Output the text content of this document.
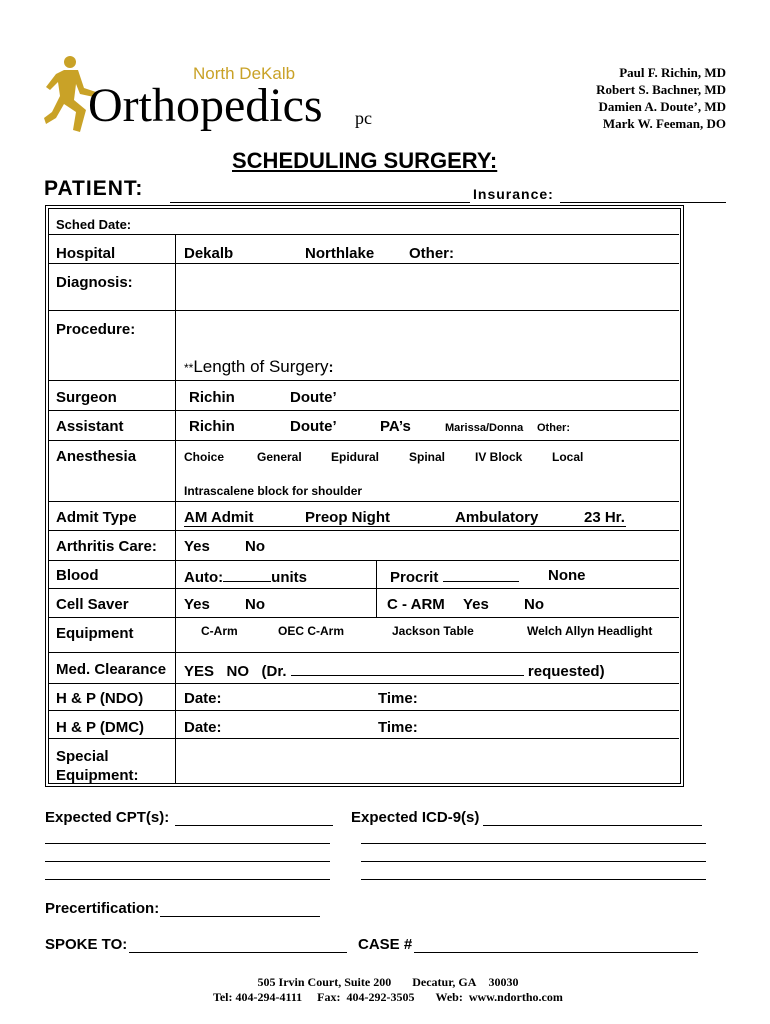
North DeKalb
Orthopedics pc
Paul F. Richin, MD
Robert S. Bachner, MD
Damien A. Doute’, MD
Mark W. Feeman, DO
SCHEDULING SURGERY:
PATIENT:	Insurance:
Sched Date:
Hospital	Dekalb	Northlake Other:
Diagnosis:
Procedure:
**Length of Surgery:
Surgeon	Richin	Doute’
Assistant	Richin	Doute’	PA’s	Marissa/Donna Other:
Anesthesia	Choice	General Epidural Spinal IV Block Local
Intrascalene block for shoulder
Admit Type	AM Admit	Preop Night	Ambulatory	23 Hr.
Arthritis Care: Yes No
Blood	Auto:	units	Procrit	None
Cell Saver	Yes No	C - ARM Yes No
Equipment	C-Arm	OEC C-Arm	Jackson Table	Welch Allyn Headlight
Med. Clearance YES NO (Dr.	requested)
H & P (NDO)	Date:	Time:
H & P (DMC)	Date:	Time:
Special
Equipment:
Expected CPT(s):	Expected ICD-9(s)
Precertification:
SPOKE TO:	CASE #

505 Irvin Court, Suite 200 Decatur, GA 30030

Tel: 404-294-4111 Fax:  404-292-3505 Web:  www.ndortho.com
